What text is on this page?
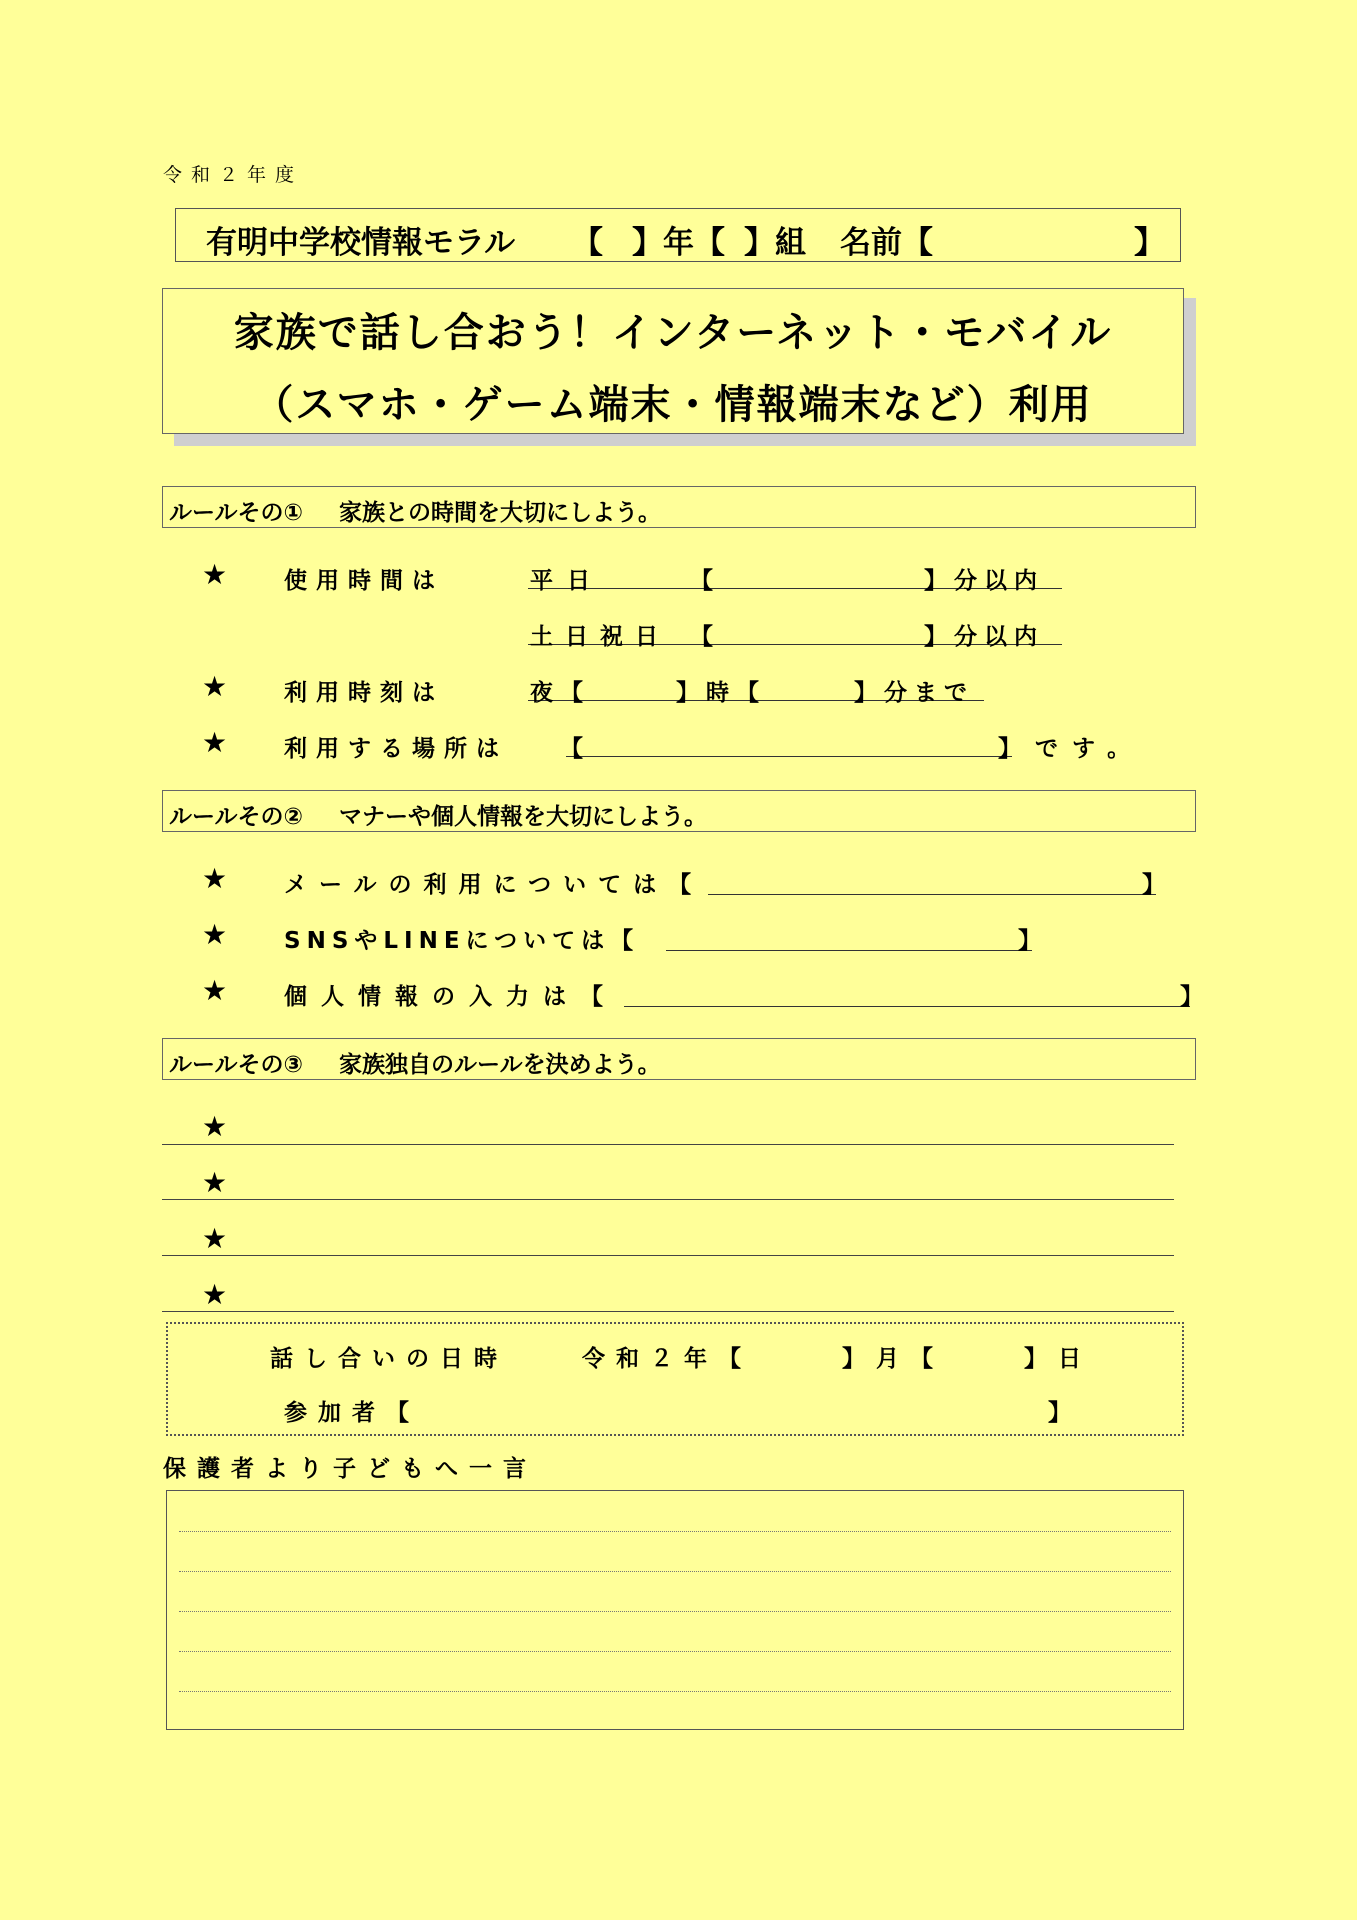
令和２年度
有明中学校情報モラル 【 】年【 】組 名前【	】
家族で話し合おう！インターネット・モバイル
（スマホ・ゲーム端末・情報端末など）利用
ルールその① 家族との時間を大切にしよう。
★ 使用時間は	平日	【	】分以内
土日祝日 【	】分以内
★ 利用時刻は	夜【	】時【	】分まで
★ 利用する場所は 【	】です。
ルールその② マナーや個人情報を大切にしよう。
★ メールの利用については【	】
★ SNSやLINEについては【	】
★ 個人情報の入力は【	】
ルールその③ 家族独自のルールを決めよう。
★
★
★
★
話し合いの日時	令和２年【	】月【	】日
参加者【	】
保護者より子どもへ一言
